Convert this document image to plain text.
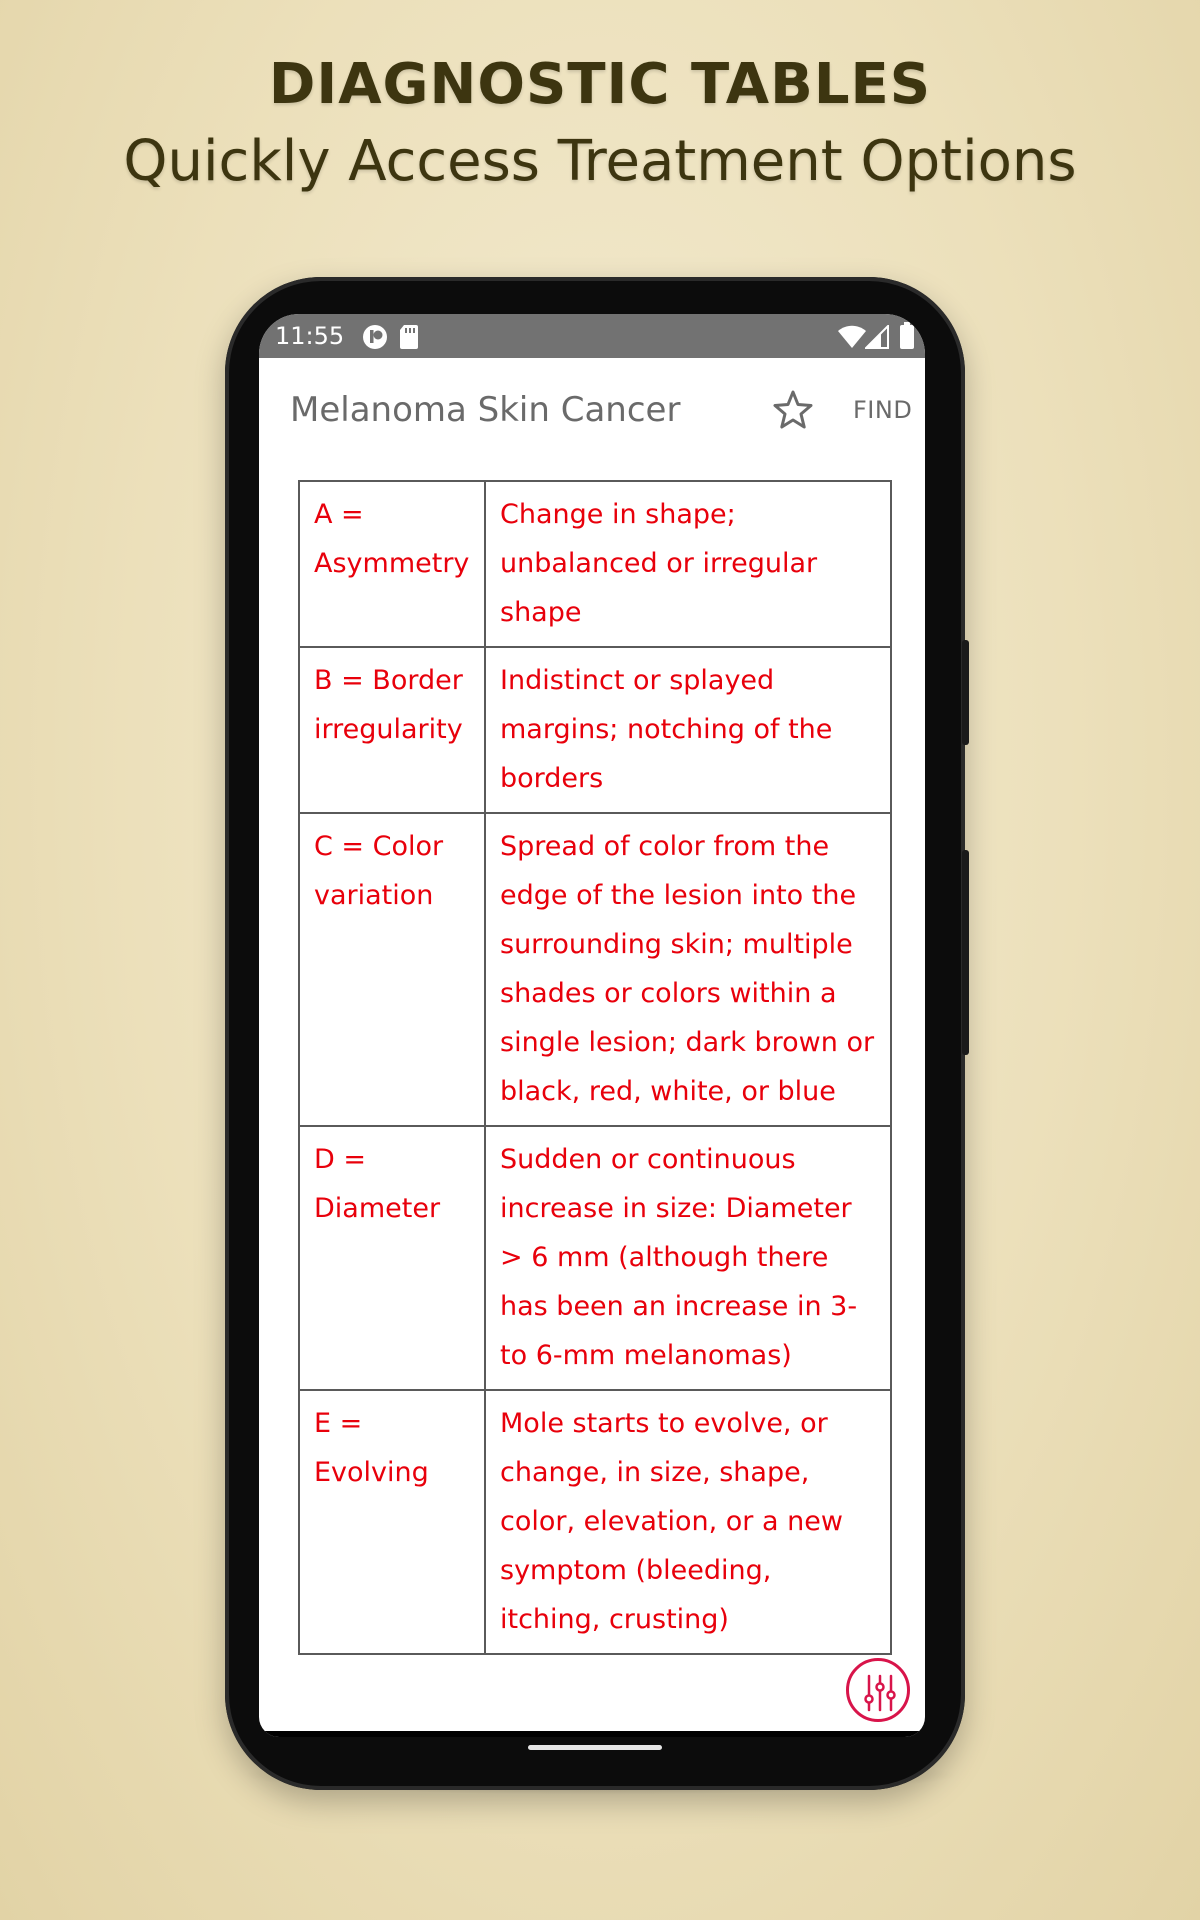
DIAGNOSTIC TABLES
Quickly Access Treatment Options
11:55
Melanoma Skin Cancer	FIND
A = Asymmetry	Change in shape; unbalanced or irregular shape
B = Border irregularity	Indistinct or splayed margins; notching of the borders
C = Color variation	Spread of color from the edge of the lesion into the surrounding skin; multiple shades or colors within a single lesion; dark brown or black, red, white, or blue
D = Diameter	Sudden or continuous increase in size: Diameter > 6 mm (although there has been an increase in 3- to 6-mm melanomas)
E = Evolving	Mole starts to evolve, or change, in size, shape, color, elevation, or a new symptom (bleeding, itching, crusting)
